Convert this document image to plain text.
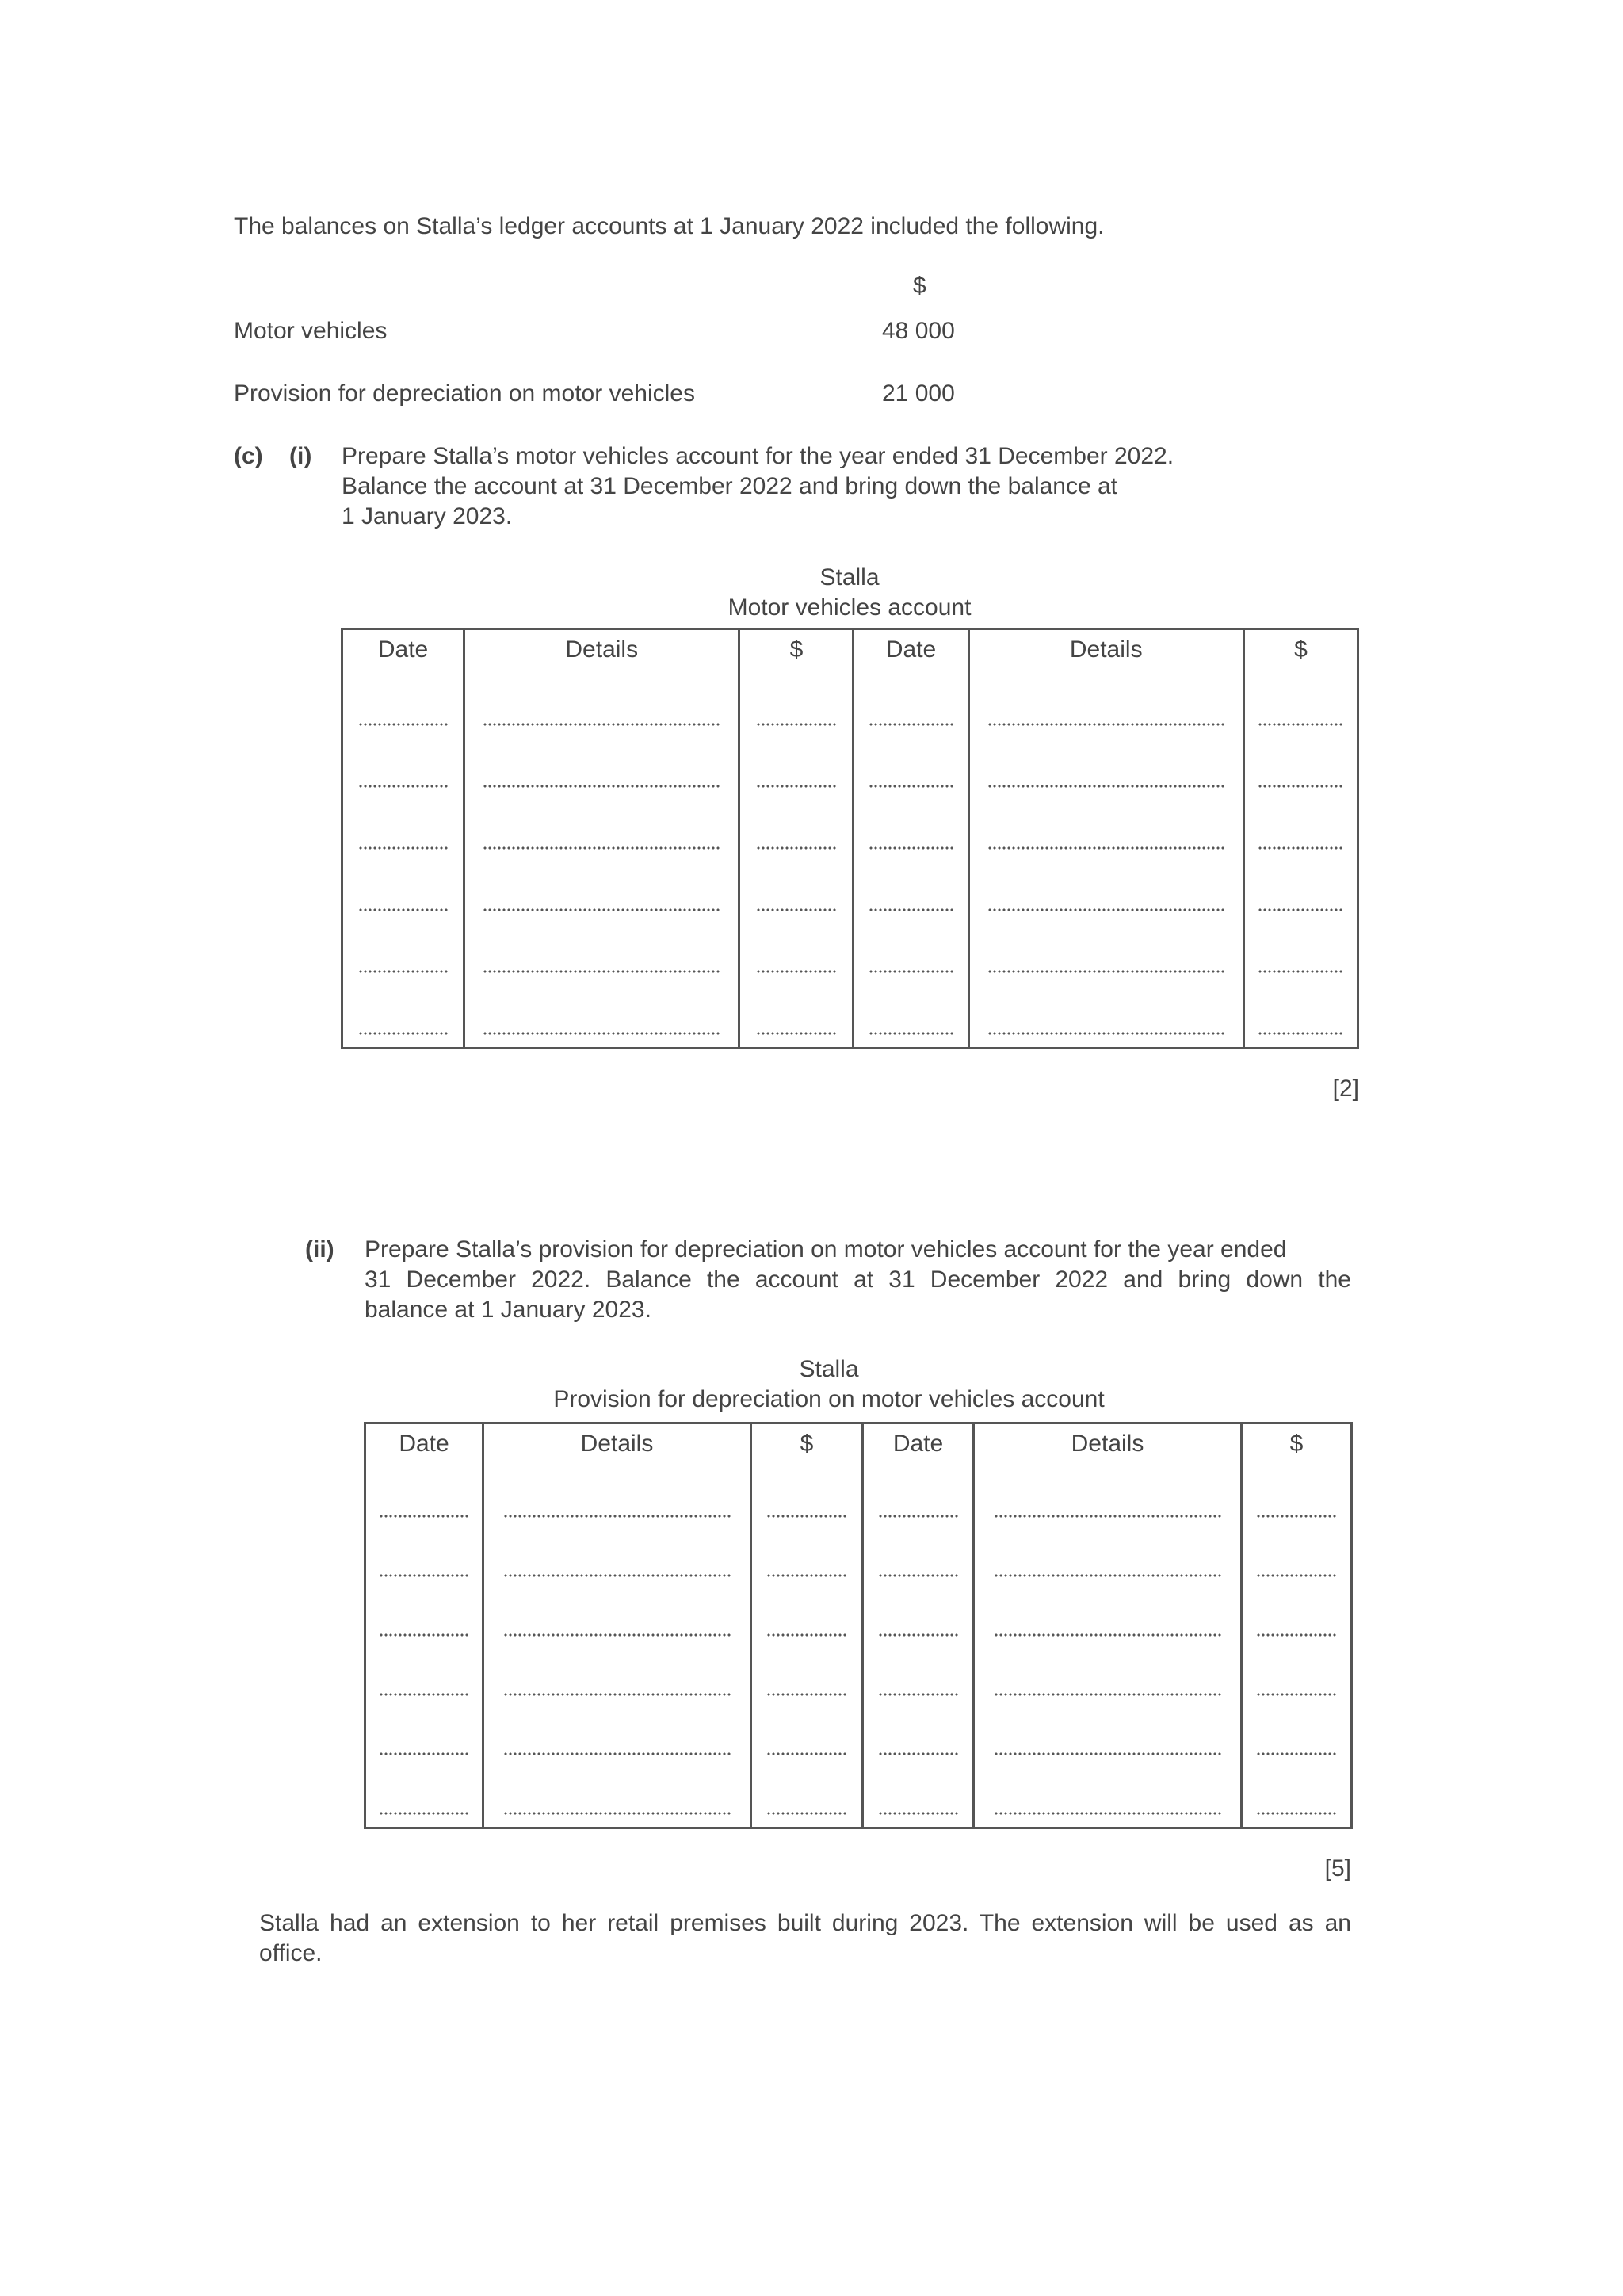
The balances on Stalla’s ledger accounts at 1 January 2022 included the following.
$
Motor vehicles	48 000
Provision for depreciation on motor vehicles	21 000
(c) (i) Prepare Stalla’s motor vehicles account for the year ended 31 December 2022.
Balance the account at 31 December 2022 and bring down the balance at
1 January 2023.
Stalla
Motor vehicles account
Date	Details	$	Date	Details	$

[2]
(ii) Prepare Stalla’s provision for depreciation on motor vehicles account for the year ended
31 December 2022. Balance the account at 31 December 2022 and bring down the
balance at 1 January 2023.
Stalla
Provision for depreciation on motor vehicles account
Date	Details	$	Date	Details	$

[5]
Stalla had an extension to her retail premises built during 2023. The extension will be used as an
office.
